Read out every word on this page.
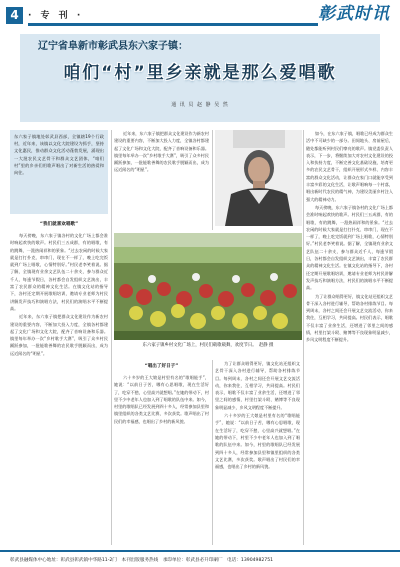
4	· 专 刊 ·	彰武时讯
辽宁省阜新市彰武县东六家子镇：
咱们“村”里乡亲就是那么爱唱歌
通 讯 员 赵 静 吴 然
东六家子镇地处彰武县西部，全镇辖19个行政村，近年来，该镇以文化大院建设为抓手，坚持文化惠民，推动群众文化活动蓬勃发展，涌现出一大批农民文艺骨干和群众文艺团体，“咱们村”里的乡亲们用歌声唱出了对新生活的热爱和向往。

“我们就喜欢唱歌”

每天傍晚，东六家子镇各村的文化广场上都会准时响起欢快的歌声。村民们三五成群，有的唱歌，有的跳舞，一派热闹祥和的景象。“过去农闲的时候大家就是打打扑克、串串门，现在不一样了，晚上吃完饭就到广场上唱歌，心情特别好。”村民老李笑着说。据了解，全镇现有业余文艺队伍二十余支，参与群众近千人，每逢节假日，各村都会自发组织文艺演出，丰富了农民群众的精神文化生活。在镇文化站的指导下，各村还定期开展歌唱培训，邀请专业老师为村民讲解发声技巧和演唱方法，村民们的演唱水平不断提高。

近年来，东六家子镇把群众文化建设作为新农村建设的重要内容，不断加大投入力度，全镇各村都建起了文化广场和文化大院，配齐了音响设备和乐器。镇里每年举办一次“乡村歌手大赛”，吸引了众多村民踊跃参加，一批能歌善舞的农民歌手脱颖而出，成为远近闻名的“明星”。

近年来，东六家子镇把群众文化建设作为新农村建设的重要内容，不断加大投入力度，全镇各村都建起了文化广场和文化大院，配齐了音响设备和乐器。镇里每年举办一次“乡村歌手大赛”，吸引了众多村民踊跃参加，一批能歌善舞的农民歌手脱颖而出，成为远近闻名的“明星”。

东六家子镇乡村文化广场上，村民们载歌载舞，欢度节日。　赵静 摄

“唱出了好日子”

六十多岁的王大娘是村里有名的“歌唱能手”，她说：“以前日子苦，哪有心思唱歌，现在生活好了，吃穿不愁，心里高兴就想唱。”在她的带动下，村里不少中老年人也加入到了唱歌的队伍中来。如今，村里的歌唱队已经发展到四十多人，经常参加县里和镇里组织的各类文艺比赛，多次获奖。歌声唱出了村民们的幸福感，也唱出了乡村的新风貌。

为了让群众唱得更好，镇文化站还组织文艺骨干深入各村进行辅导，帮助各村排练节目。每到周末，各村之间还会开展文艺交流活动，你来我往，互相学习，共同提高。村民们表示，唱歌不仅丰富了业余生活，还增进了邻里之间的感情，村里打架斗殴、赌博等不良现象明显减少，乡风文明程度不断提升。

六十多岁的王大娘是村里有名的“歌唱能手”，她说：“以前日子苦，哪有心思唱歌，现在生活好了，吃穿不愁，心里高兴就想唱。”在她的带动下，村里不少中老年人也加入到了唱歌的队伍中来。如今，村里的歌唱队已经发展到四十多人，经常参加县里和镇里组织的各类文艺比赛，多次获奖。歌声唱出了村民们的幸福感，也唱出了乡村的新风貌。

如今，在东六家子镇，唱歌已经成为群众生活中不可缺少的一部分。田间地头、房前屋后，随处都能听到村民们嘹亮的歌声。镇党委负责人表示，下一步，将继续加大对农村文化建设的投入和扶持力度，不断完善文化基础设施，培育更多的农民文艺骨干，组织开展形式多样、内容丰富的群众文化活动，让群众在家门口就能享受到丰富多彩的文化生活，让歌声唱响每一个村落，唱出新时代农民的精气神，为建设美丽乡村注入强大的精神动力。

每天傍晚，东六家子镇各村的文化广场上都会准时响起欢快的歌声。村民们三五成群，有的唱歌，有的跳舞，一派热闹祥和的景象。“过去农闲的时候大家就是打打扑克、串串门，现在不一样了，晚上吃完饭就到广场上唱歌，心情特别好。”村民老李笑着说。据了解，全镇现有业余文艺队伍二十余支，参与群众近千人，每逢节假日，各村都会自发组织文艺演出，丰富了农民群众的精神文化生活。在镇文化站的指导下，各村还定期开展歌唱培训，邀请专业老师为村民讲解发声技巧和演唱方法，村民们的演唱水平不断提高。

为了让群众唱得更好，镇文化站还组织文艺骨干深入各村进行辅导，帮助各村排练节目。每到周末，各村之间还会开展文艺交流活动，你来我往，互相学习，共同提高。村民们表示，唱歌不仅丰富了业余生活，还增进了邻里之间的感情，村里打架斗殴、赌博等不良现象明显减少，乡风文明程度不断提升。

彰武县融媒体中心地址：彰武县彰武镇中华路11-2门　本刊出版服务热线　承印单位：彰武县必升印刷厂　电话：13904982751
